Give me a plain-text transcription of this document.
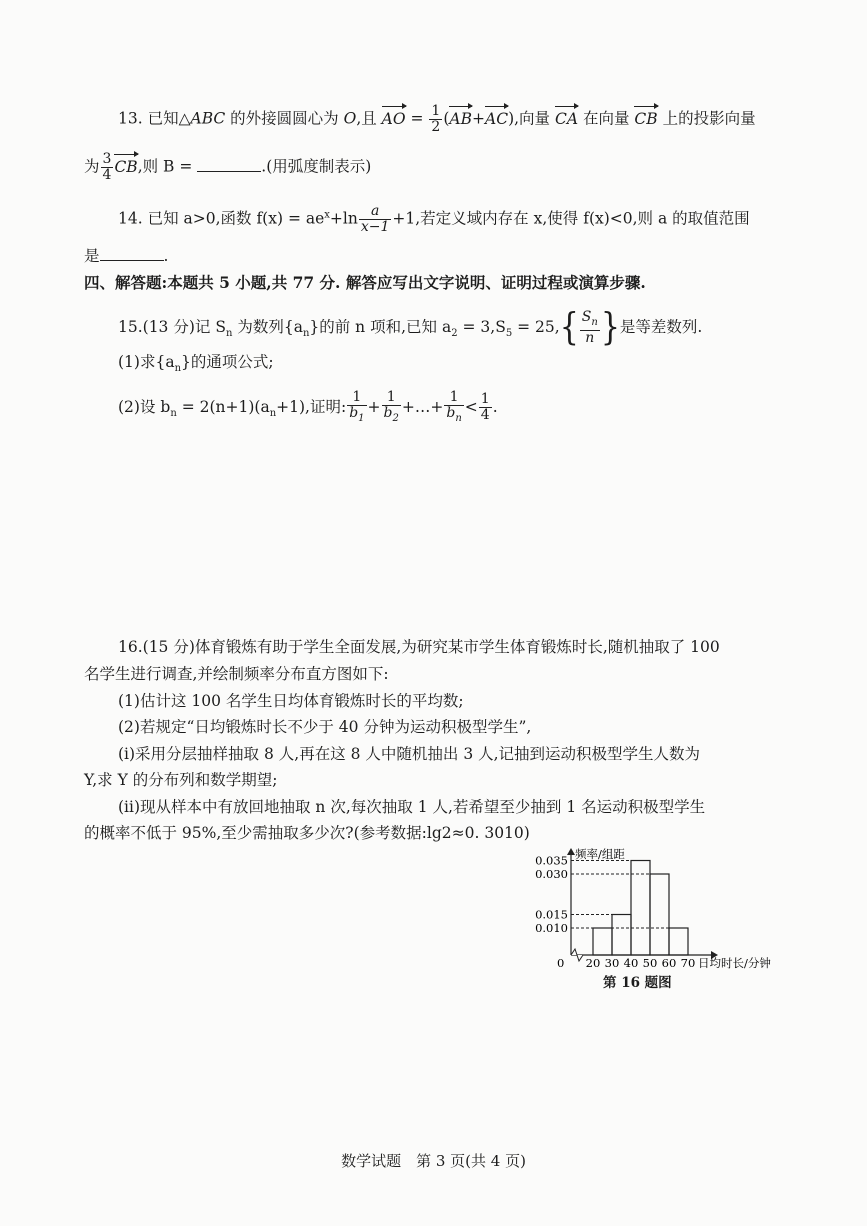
13. 已知△ABC 的外接圆圆心为 O,且 AO = $\frac{1}{2} (AB+AC)$,向量 CA 在向量 CB 上的投影向量
为 $\frac{3}{4}$ CB,则 B =	.(用弧度制表示)
14. 已知 a>0,函数 $f(x) = ae^x+\ln \frac{a}{x-1} +1$,若定义域内存在 x,使得 f(x)<0,则 a 的取值范围
是	.
四、解答题:本题共 5 小题,共 77 分. 解答应写出文字说明、证明过程或演算步骤.
15.(13 分)记 $S_n$ 为数列$\{a_n\}$的前 n 项和,已知 $a_2 = 3,S_5 = 25,\{ \frac{S_n}{n}$ }是等差数列.
(1)求$\{a_n\}$的通项公式;
(2)设 $b_n = 2(n+1)(a_n+1)$,证明: $\frac{1}{b_1} + \frac{1}{b_2}$ +…+ $\frac{1}{b_n} < \frac{1}{4}$ .
16.(15 分)体育锻炼有助于学生全面发展,为研究某市学生体育锻炼时长,随机抽取了 100
名学生进行调查,并绘制频率分布直方图如下:
(1)估计这 100 名学生日均体育锻炼时长的平均数;
(2)若规定“日均锻炼时长不少于 40 分钟为运动积极型学生”,
(ⅰ)采用分层抽样抽取 8 人,再在这 8 人中随机抽出 3 人,记抽到运动积极型学生人数为
Y,求 Y 的分布列和数学期望;
(ⅱ)现从样本中有放回地抽取 n 次,每次抽取 1 人,若希望至少抽到 1 名运动积极型学生
的概率不低于 95%,至少需抽取多少次?(参考数据:lg2≈0. 3010)
0.010
0.015
0.030
0.035
20 30 40 50 60 70
0	日均时长/分钟
频率/组距
第 16 题图
数学试题　第 3 页(共 4 页)
